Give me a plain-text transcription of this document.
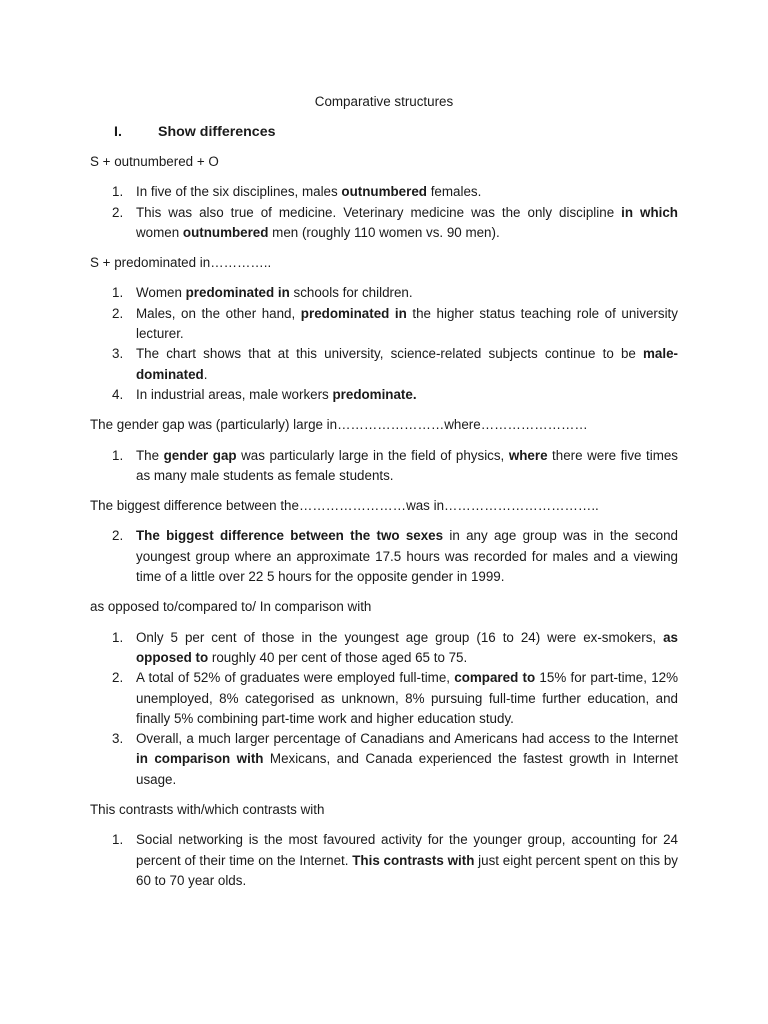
Comparative structures
I.	Show differences
S + outnumbered + O
1. In five of the six disciplines, males outnumbered females.
2. This was also true of medicine. Veterinary medicine was the only discipline in which women outnumbered men (roughly 110 women vs. 90 men).
S + predominated in…………..
1. Women predominated in schools for children.
2. Males, on the other hand, predominated in the higher status teaching role of university lecturer.
3. The chart shows that at this university, science-related subjects continue to be male-dominated.
4. In industrial areas, male workers predominate.
The gender gap was (particularly) large in……………………where……………………
1. The gender gap was particularly large in the field of physics, where there were five times as many male students as female students.
The biggest difference between the……………………was in……………………………..
2. The biggest difference between the two sexes in any age group was in the second youngest group where an approximate 17.5 hours was recorded for males and a viewing time of a little over 22 5 hours for the opposite gender in 1999.
as opposed to/compared to/ In comparison with
1. Only 5 per cent of those in the youngest age group (16 to 24) were ex-smokers, as opposed to roughly 40 per cent of those aged 65 to 75.
2. A total of 52% of graduates were employed full-time, compared to 15% for part-time, 12% unemployed, 8% categorised as unknown, 8% pursuing full-time further education, and finally 5% combining part-time work and higher education study.
3. Overall, a much larger percentage of Canadians and Americans had access to the Internet in comparison with Mexicans, and Canada experienced the fastest growth in Internet usage.
This contrasts with/which contrasts with
1. Social networking is the most favoured activity for the younger group, accounting for 24 percent of their time on the Internet. This contrasts with just eight percent spent on this by 60 to 70 year olds.
